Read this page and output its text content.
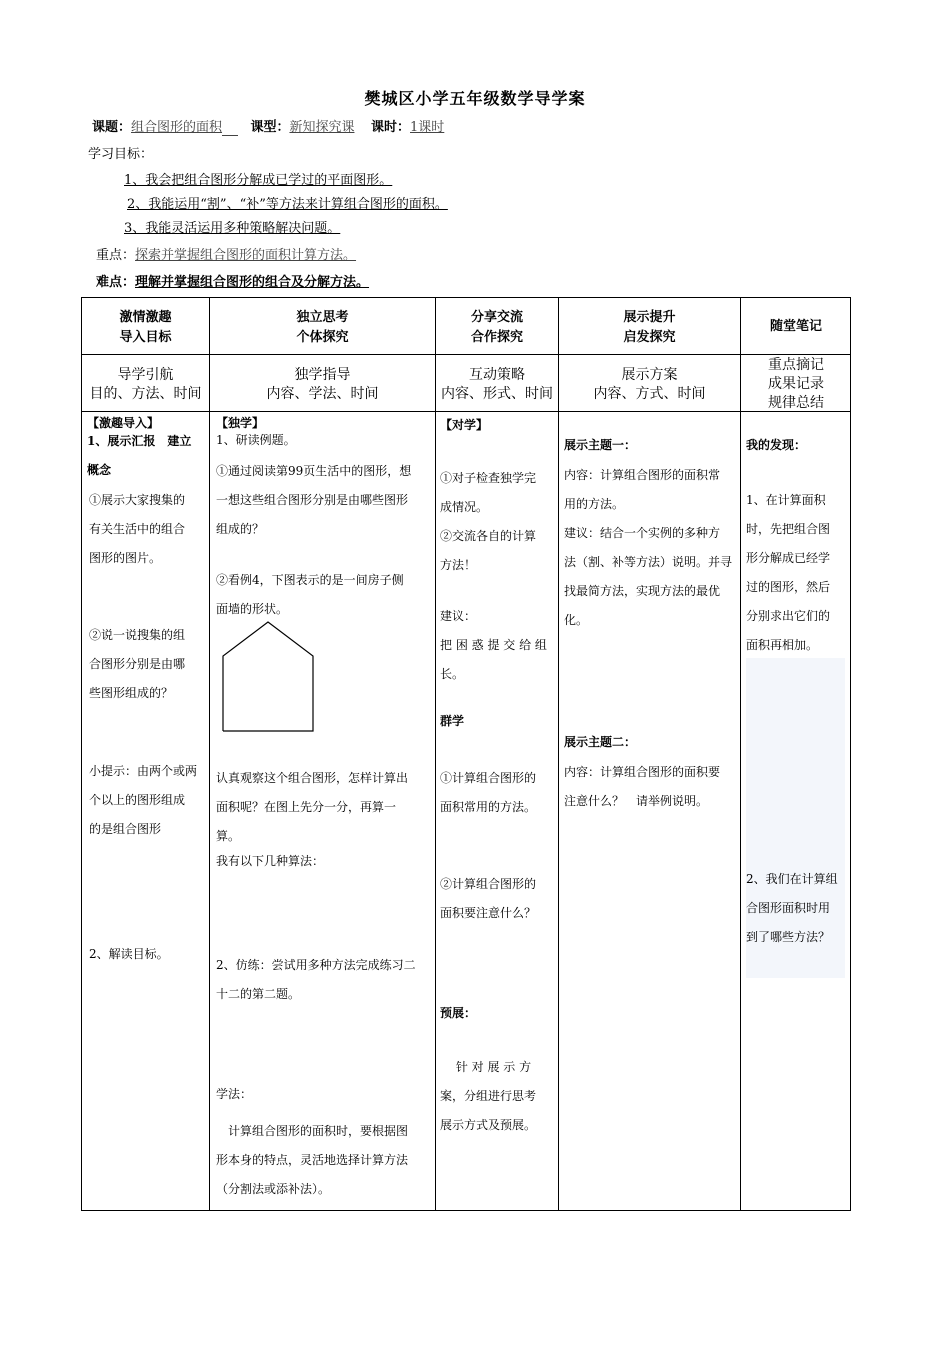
樊城区小学五年级数学导学案
课题：组合图形的面积 课型：新知探究课 课时：1课时
学习目标：
1、我会把组合图形分解成已学过的平面图形。
2、我能运用“割”、“补”等方法来计算组合图形的面积。
3、我能灵活运用多种策略解决问题。
重点：探索并掌握组合图形的面积计算方法。
难点：理解并掌握组合图形的组合及分解方法。
激情激趣
导入目标
独立思考
个体探究
分享交流
合作探究
展示提升
启发探究
随堂笔记
导学引航
目的、方法、时间
独学指导
内容、学法、时间
互动策略
内容、形式、时间
展示方案
内容、方式、时间
重点摘记
成果记录
规律总结
【激趣导入】
1、展示汇报　建立
概念
①展示大家搜集的
有关生活中的组合
图形的图片。
②说一说搜集的组
合图形分别是由哪
些图形组成的？
小提示：由两个或两
个以上的图形组成
的是组合图形
2、解读目标。
【独学】
1、研读例题。
①通过阅读第99页生活中的图形，想
一想这些组合图形分别是由哪些图形
组成的？
②看例4，下图表示的是一间房子侧
面墙的形状。
认真观察这个组合图形，怎样计算出
面积呢？在图上先分一分，再算一
算。
我有以下几种算法：
2、仿练：尝试用多种方法完成练习二
十二的第二题。
学法：
　计算组合图形的面积时，要根据图
形本身的特点，灵活地选择计算方法
（分割法或添补法）。
【对学】
①对子检查独学完
成情况。
②交流各自的计算
方法！
建议：
把 困 惑 提 交 给 组
长。
群学
①计算组合图形的
面积常用的方法。
②计算组合图形的
面积要注意什么？
预展：
　 针 对 展 示 方
案，分组进行思考
展示方式及预展。
展示主题一：
内容：计算组合图形的面积常
用的方法。
建议：结合一个实例的多种方
法（割、补等方法）说明。并寻
找最简方法，实现方法的最优
化。
展示主题二：
内容：计算组合图形的面积要
注意什么？　请举例说明。
我的发现：
1、在计算面积
时，先把组合图
形分解成已经学
过的图形，然后
分别求出它们的
面积再相加。
2、我们在计算组
合图形面积时用
到了哪些方法？
